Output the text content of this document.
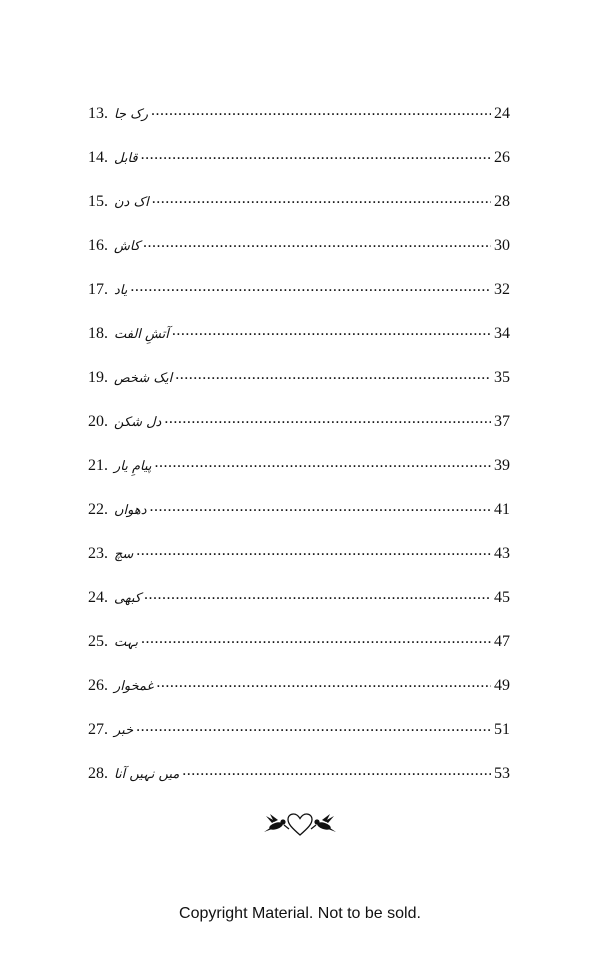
13. رک جا .....	24
14. قابل .....	26
15. اک دن .....	28
16. کاش .....	30
17. یاد .....	32
18. آتشِ الفت .....	34
19. ایک شخص .....	35
20. دل شکن .....	37
21. پیامِ یار .....	39
22. دھواں .....	41
23. سچ .....	43
24. کبھی .....	45
25. بہت .....	47
26. غمخوار .....	49
27. خبر .....	51
28. میں نہیں آنا .....	53
Copyright Material. Not to be sold.
